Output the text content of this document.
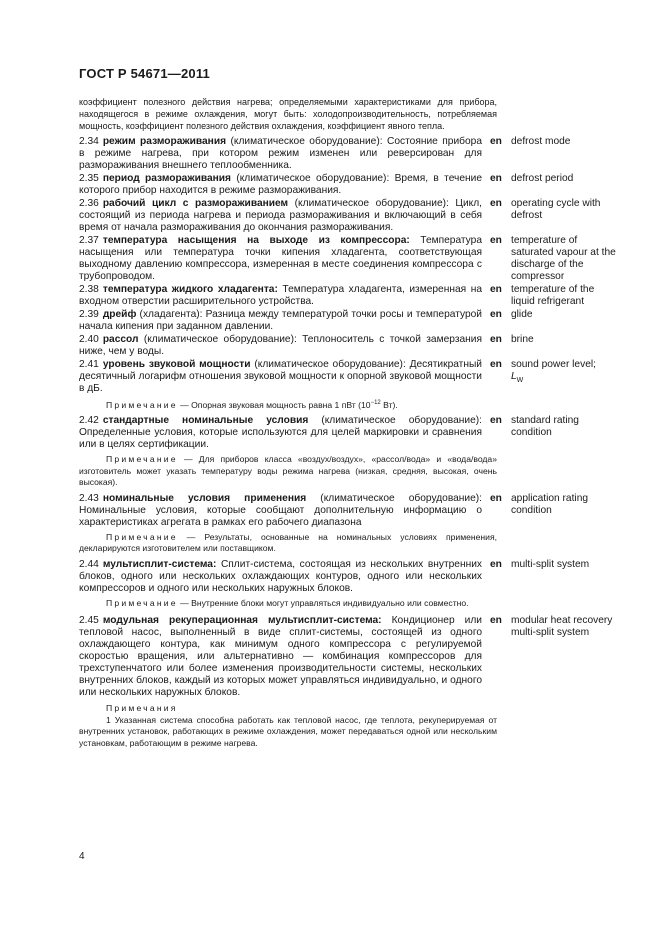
ГОСТ Р 54671—2011

коэффициент полезного действия нагрева; определяемыми характеристиками для прибора, находящегося в режиме охлаждения, могут быть: холодопроизводительность, потребляемая мощность, коэффициент полезного действия охлаждения, коэффициент явного тепла.

2.34 режим размораживания (климатическое оборудование): Состояние прибора в режиме нагрева, при котором режим изменен или реверсирован для размораживания внешнего теплообменника.
en defrost mode
2.35 период размораживания (климатическое оборудование): Время, в течение которого прибор находится в режиме размораживания.
en defrost period
2.36 рабочий цикл с размораживанием (климатическое оборудование): Цикл, состоящий из периода нагрева и периода размораживания и включающий в себя время от начала размораживания до окончания размораживания.
en operating cycle with defrost
2.37 температура насыщения на выходе из компрессора: Температура насыщения или температура точки кипения хладагента, соответствующая выходному давлению компрессора, измеренная в месте соединения компрессора с трубопроводом.
en temperature of saturated vapour at the discharge of the compressor
2.38 температура жидкого хладагента: Температура хладагента, измеренная на входном отверстии расширительного устройства.
en temperature of the liquid refrigerant
2.39 дрейф (хладагента): Разница между температурой точки росы и температурой начала кипения при заданном давлении.
en glide
2.40 рассол (климатическое оборудование): Теплоноситель с точкой замерзания ниже, чем у воды.
en brine
2.41 уровень звуковой мощности (климатическое оборудование): Десятикратный десятичный логарифм отношения звуковой мощности к опорной звуковой мощности в дБ.
en sound power level;
$L_W$
Примечание — Опорная звуковая мощность равна 1 пВт ($10^{-12}$ Вт).
2.42 стандартные номинальные условия (климатическое оборудование): Определенные условия, которые используются для целей маркировки и сравнения или в целях сертификации.
en standard rating condition
Примечание — Для приборов класса «воздух/воздух», «рассол/вода» и «вода/вода» изготовитель может указать температуру воды режима нагрева (низкая, средняя, высокая, очень высокая).
2.43 номинальные условия применения (климатическое оборудование): Номинальные условия, которые сообщают дополнительную информацию о характеристиках агрегата в рамках его рабочего диапазона
en application rating condition
Примечание — Результаты, основанные на номинальных условиях применения, декларируются изготовителем или поставщиком.
2.44 мультисплит-система: Сплит-система, состоящая из нескольких внутренних блоков, одного или нескольких охлаждающих контуров, одного или нескольких компрессоров и одного или нескольких наружных блоков.
en multi-split system
Примечание — Внутренние блоки могут управляться индивидуально или совместно.
2.45 модульная рекуперационная мультисплит-система: Кондиционер или тепловой насос, выполненный в виде сплит-системы, состоящей из одного охлаждающего контура, как минимум одного компрессора с регулируемой скоростью вращения, или альтернативно — комбинация компрессоров для трехступенчатого или более изменения производительности системы, нескольких внутренних блоков, каждый из которых может управляться индивидуально, и одного или нескольких наружных блоков.
en modular heat recovery multi-split system
Примечания
1 Указанная система способна работать как тепловой насос, где теплота, рекуперируемая от внутренних установок, работающих в режиме охлаждения, может передаваться одной или нескольким установкам, работающим в режиме нагрева.
4
